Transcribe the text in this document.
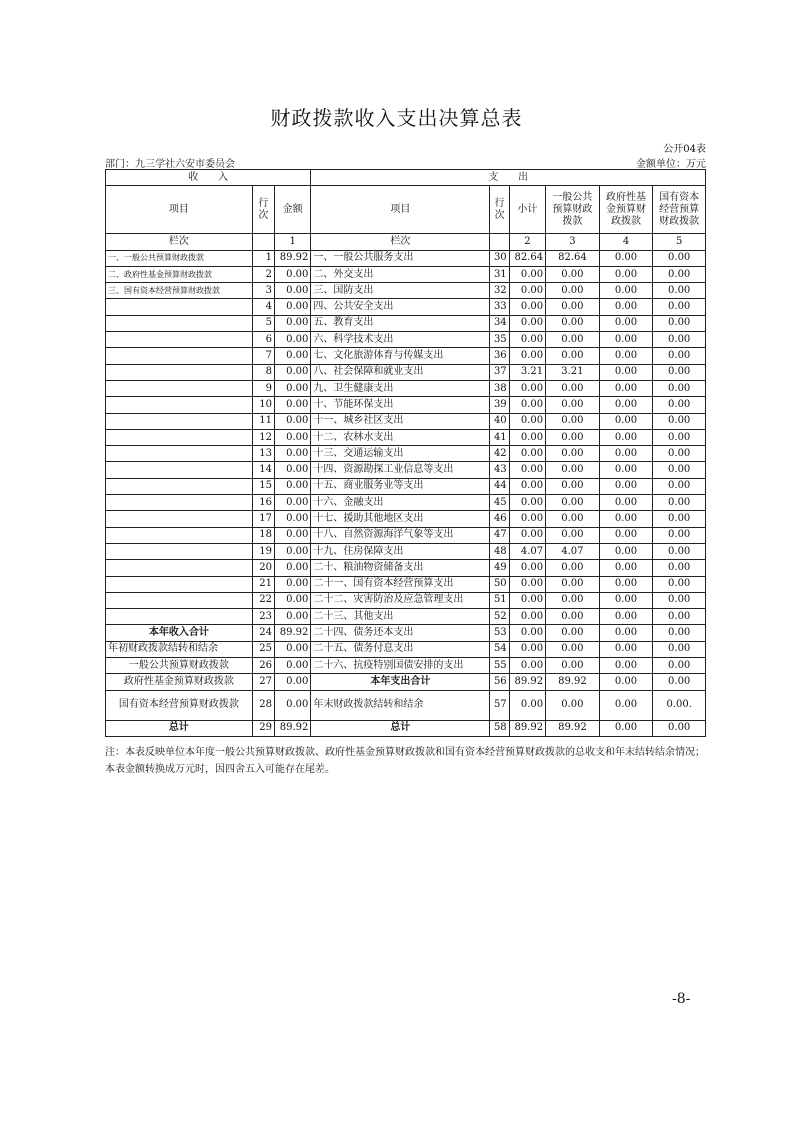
财政拨款收入支出决算总表
公开04表
部门：九三学社六安市委员会	金额单位：万元
收　　入			支　　出					
项目	行次	金额	项目	行次	小计	一般公共预算财政拨款	政府性基金预算财政拨款	国有资本经营预算财政拨款
栏次		1	栏次		2	3	4	5
一、一般公共预算财政拨款	1	89.92	一、一般公共服务支出	30	82.64	82.64	0.00	0.00
二、政府性基金预算财政拨款	2	0.00	二、外交支出	31	0.00	0.00	0.00	0.00
三、国有资本经营预算财政拨款	3	0.00	三、国防支出	32	0.00	0.00	0.00	0.00
	4	0.00	四、公共安全支出	33	0.00	0.00	0.00	0.00
	5	0.00	五、教育支出	34	0.00	0.00	0.00	0.00
	6	0.00	六、科学技术支出	35	0.00	0.00	0.00	0.00
	7	0.00	七、文化旅游体育与传媒支出	36	0.00	0.00	0.00	0.00
	8	0.00	八、社会保障和就业支出	37	3.21	3.21	0.00	0.00
	9	0.00	九、卫生健康支出	38	0.00	0.00	0.00	0.00
	10	0.00	十、节能环保支出	39	0.00	0.00	0.00	0.00
	11	0.00	十一、城乡社区支出	40	0.00	0.00	0.00	0.00
	12	0.00	十二、农林水支出	41	0.00	0.00	0.00	0.00
	13	0.00	十三、交通运输支出	42	0.00	0.00	0.00	0.00
	14	0.00	十四、资源勘探工业信息等支出	43	0.00	0.00	0.00	0.00
	15	0.00	十五、商业服务业等支出	44	0.00	0.00	0.00	0.00
	16	0.00	十六、金融支出	45	0.00	0.00	0.00	0.00
	17	0.00	十七、援助其他地区支出	46	0.00	0.00	0.00	0.00
	18	0.00	十八、自然资源海洋气象等支出	47	0.00	0.00	0.00	0.00
	19	0.00	十九、住房保障支出	48	4.07	4.07	0.00	0.00
	20	0.00	二十、粮油物资储备支出	49	0.00	0.00	0.00	0.00
	21	0.00	二十一、国有资本经营预算支出	50	0.00	0.00	0.00	0.00
	22	0.00	二十二、灾害防治及应急管理支出	51	0.00	0.00	0.00	0.00
	23	0.00	二十三、其他支出	52	0.00	0.00	0.00	0.00
本年收入合计	24	89.92	二十四、债务还本支出	53	0.00	0.00	0.00	0.00
年初财政拨款结转和结余	25	0.00	二十五、债务付息支出	54	0.00	0.00	0.00	0.00
一般公共预算财政拨款	26	0.00	二十六、抗疫特别国债安排的支出	55	0.00	0.00	0.00	0.00
政府性基金预算财政拨款	27	0.00	本年支出合计	56	89.92	89.92	0.00	0.00
国有资本经营预算财政拨款	28	0.00	年末财政拨款结转和结余	57	0.00	0.00	0.00	0.00.
总计	29	89.92	总计	58	89.92	89.92	0.00	0.00
注：本表反映单位本年度一般公共预算财政拨款、政府性基金预算财政拨款和国有资本经营预算财政拨款的总收支和年末结转结余情况；本表金额转换成万元时，因四舍五入可能存在尾差。
-8-
